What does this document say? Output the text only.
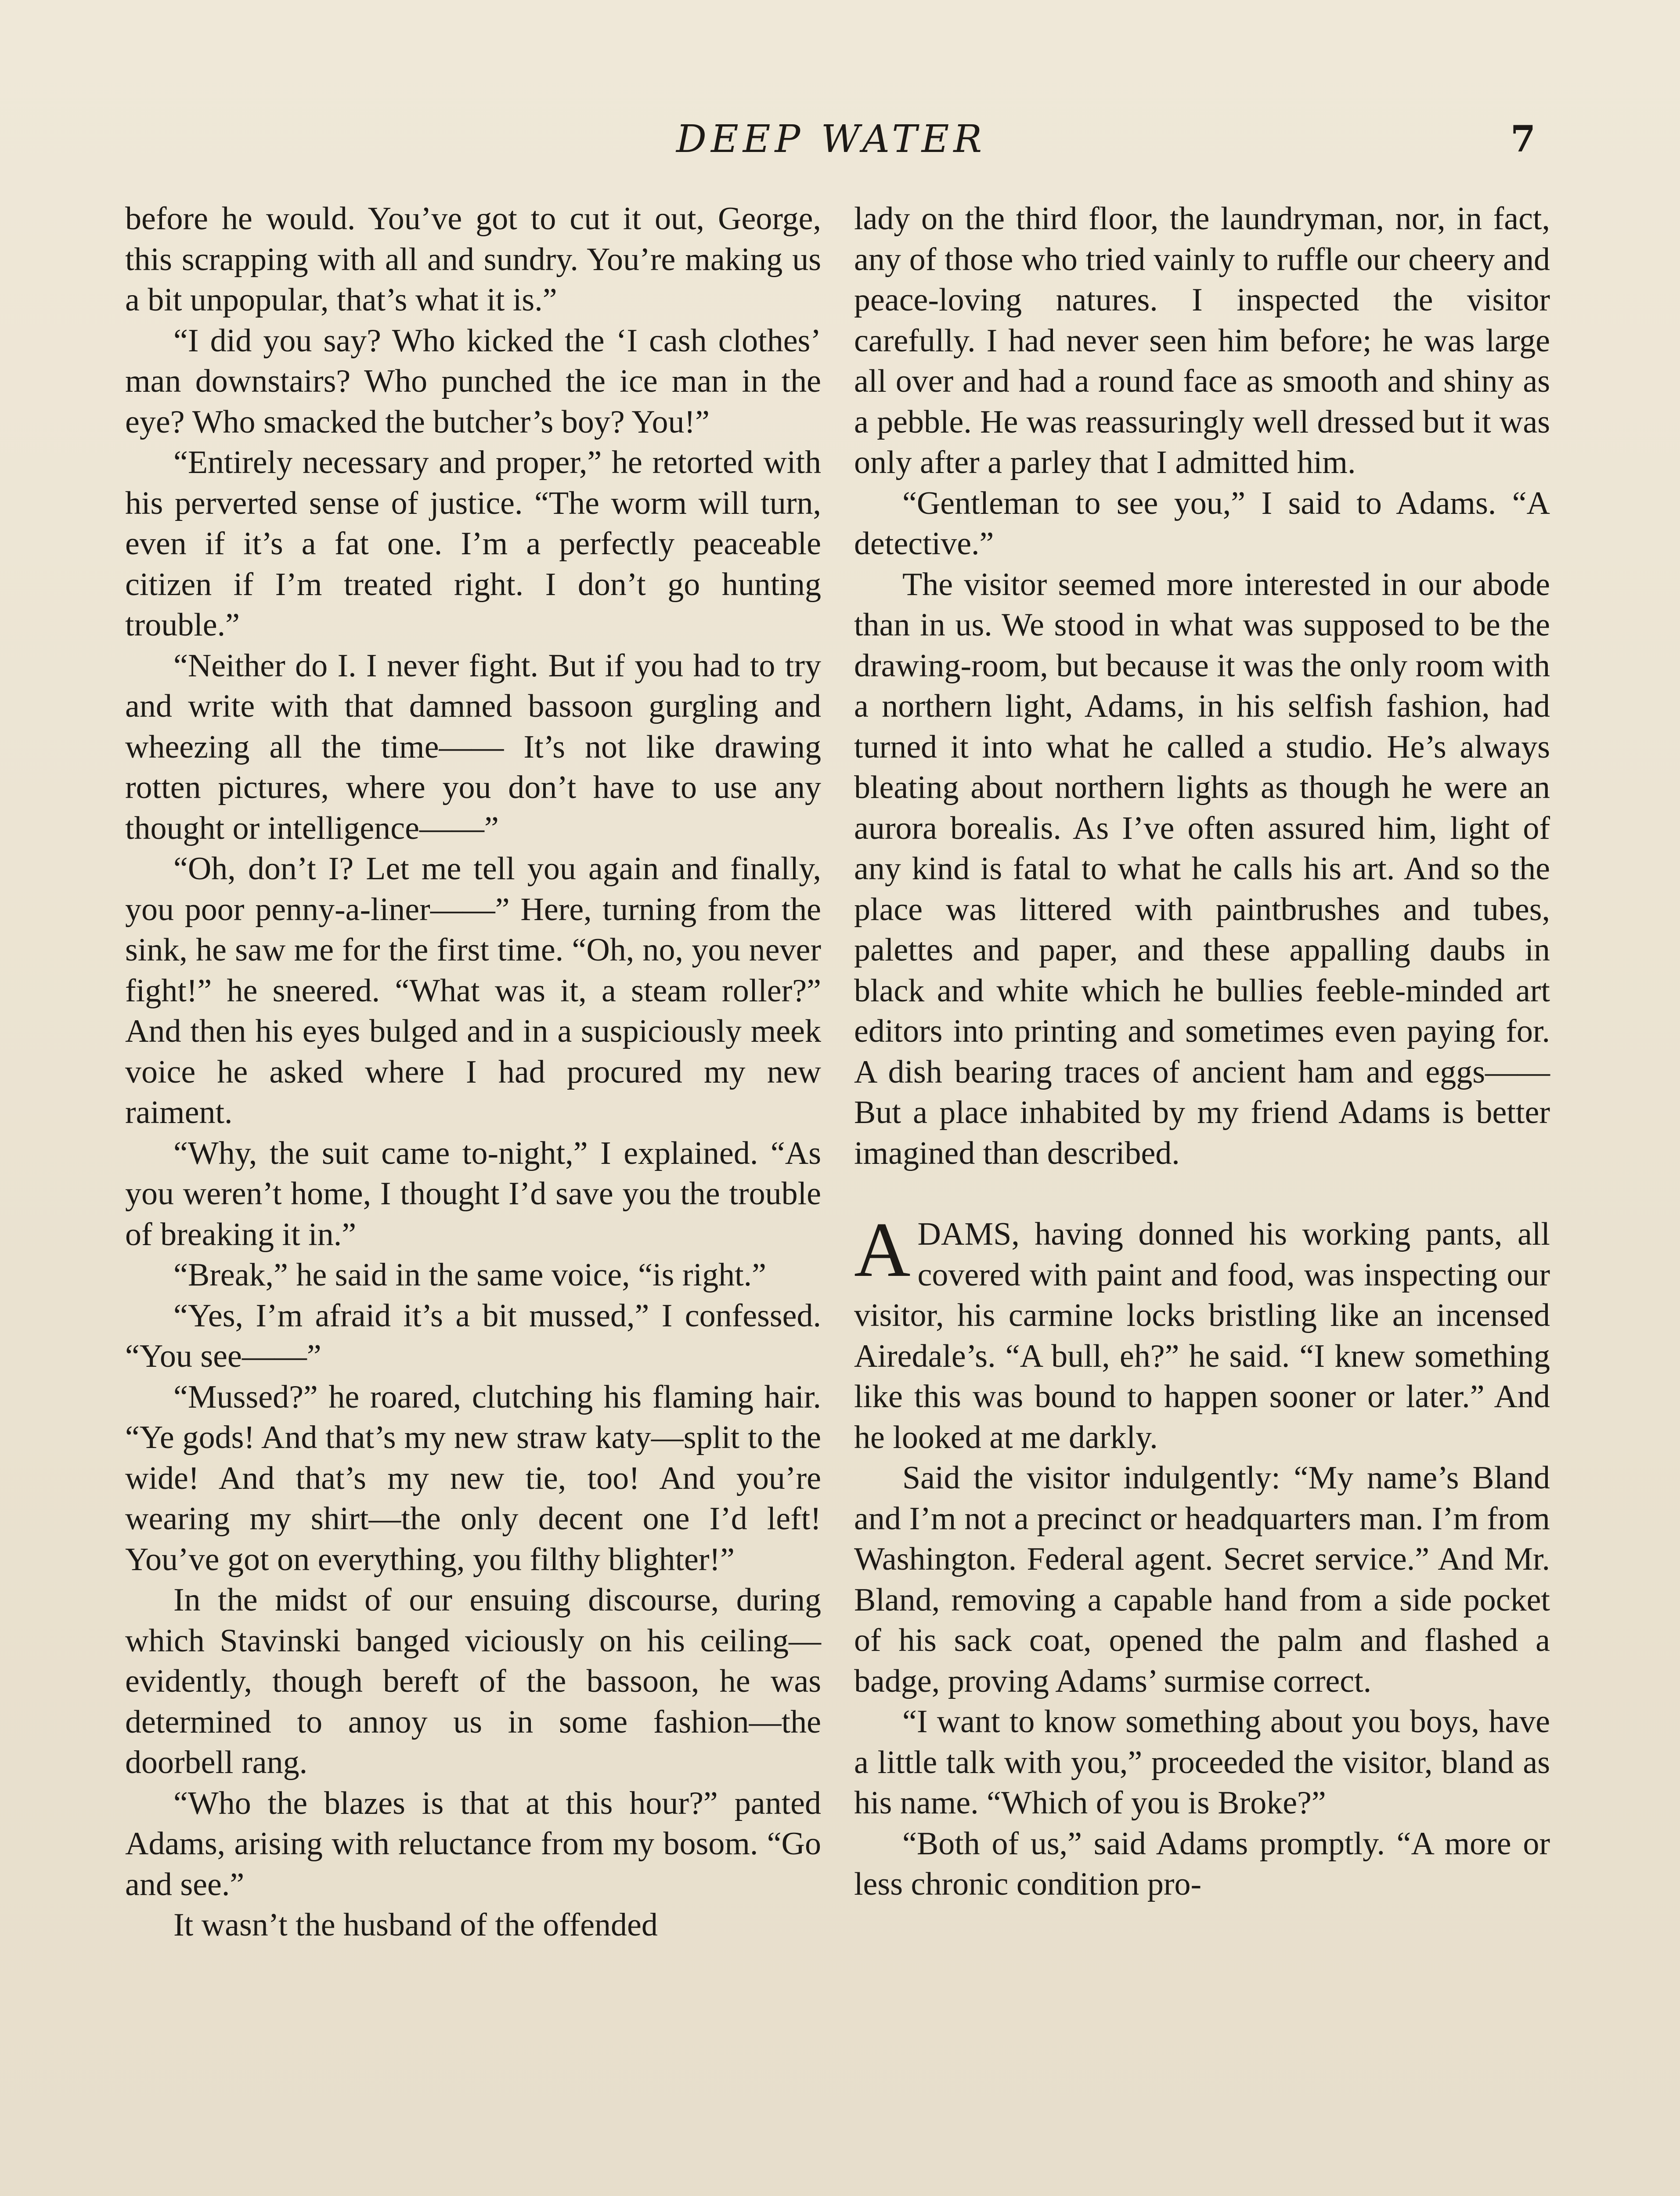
DEEP WATER	7

before he would. You’ve got to cut it out, George, this scrapping with all and sundry. You’re making us a bit unpopular, that’s what it is.”

“I did you say? Who kicked the ‘I cash clothes’ man downstairs? Who punched the ice man in the eye? Who smacked the butcher’s boy? You!”

“Entirely necessary and proper,” he retorted with his perverted sense of justice. “The worm will turn, even if it’s a fat one. I’m a perfectly peaceable citizen if I’m treated right. I don’t go hunting trouble.”

“Neither do I. I never fight. But if you had to try and write with that damned bassoon gurgling and wheezing all the time—— It’s not like drawing rotten pictures, where you don’t have to use any thought or intelligence——”

“Oh, don’t I? Let me tell you again and finally, you poor penny-a-liner——” Here, turning from the sink, he saw me for the first time. “Oh, no, you never fight!” he sneered. “What was it, a steam roller?” And then his eyes bulged and in a suspiciously meek voice he asked where I had procured my new raiment.

“Why, the suit came to-night,” I explained. “As you weren’t home, I thought I’d save you the trouble of breaking it in.”

“Break,” he said in the same voice, “is right.”

“Yes, I’m afraid it’s a bit mussed,” I confessed. “You see——”

“Mussed?” he roared, clutching his flaming hair. “Ye gods! And that’s my new straw katy—split to the wide! And that’s my new tie, too! And you’re wearing my shirt—the only decent one I’d left! You’ve got on everything, you filthy blighter!”

In the midst of our ensuing discourse, during which Stavinski banged viciously on his ceiling—evidently, though bereft of the bassoon, he was determined to annoy us in some fashion—the doorbell rang.

“Who the blazes is that at this hour?” panted Adams, arising with reluctance from my bosom. “Go and see.”

It wasn’t the husband of the offended

lady on the third floor, the laundryman, nor, in fact, any of those who tried vainly to ruffle our cheery and peace-loving natures. I inspected the visitor carefully. I had never seen him before; he was large all over and had a round face as smooth and shiny as a pebble. He was reassuringly well dressed but it was only after a parley that I admitted him.

“Gentleman to see you,” I said to Adams. “A detective.”

The visitor seemed more interested in our abode than in us. We stood in what was supposed to be the drawing-room, but because it was the only room with a northern light, Adams, in his selfish fashion, had turned it into what he called a studio. He’s always bleating about northern lights as though he were an aurora borealis. As I’ve often assured him, light of any kind is fatal to what he calls his art. And so the place was littered with paintbrushes and tubes, palettes and paper, and these appalling daubs in black and white which he bullies feeble-minded art editors into printing and sometimes even paying for. A dish bearing traces of ancient ham and eggs—— But a place inhabited by my friend Adams is better imagined than described.

ADAMS, having donned his working pants, all covered with paint and food, was inspecting our visitor, his carmine locks bristling like an incensed Airedale’s. “A bull, eh?” he said. “I knew something like this was bound to happen sooner or later.” And he looked at me darkly.

Said the visitor indulgently: “My name’s Bland and I’m not a precinct or headquarters man. I’m from Washington. Federal agent. Secret service.” And Mr. Bland, removing a capable hand from a side pocket of his sack coat, opened the palm and flashed a badge, proving Adams’ surmise correct.

“I want to know something about you boys, have a little talk with you,” proceeded the visitor, bland as his name. “Which of you is Broke?”

“Both of us,” said Adams promptly. “A more or less chronic condition pro-
